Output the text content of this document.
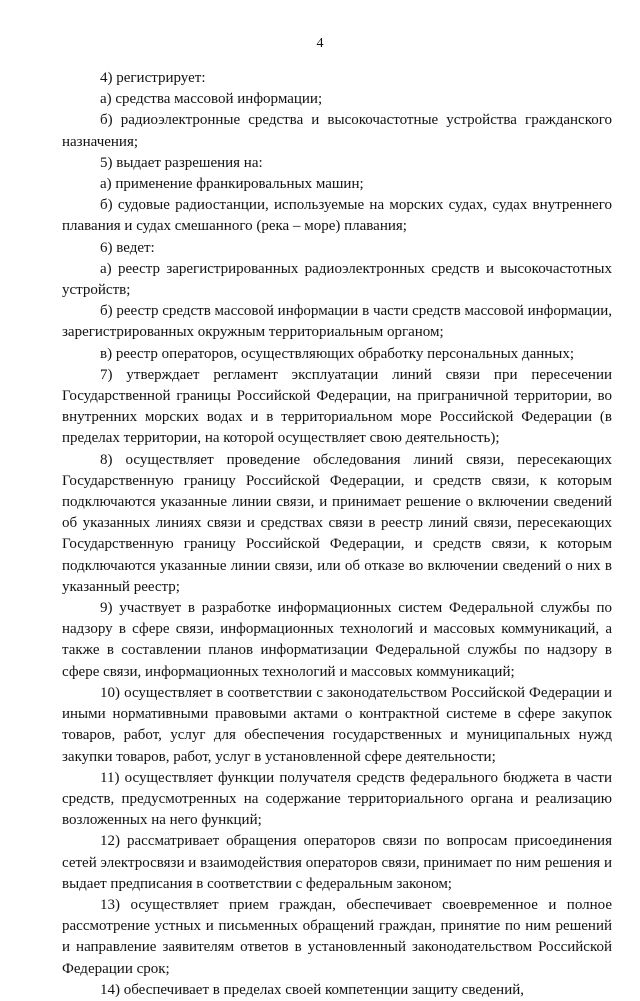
4

4) регистрирует:

а) средства массовой информации;

б) радиоэлектронные средства и высокочастотные устройства гражданского назначения;

5) выдает разрешения на:

а) применение франкировальных машин;

б) судовые радиостанции, используемые на морских судах, судах внутреннего плавания и судах смешанного (река – море) плавания;

6) ведет:

а) реестр зарегистрированных радиоэлектронных средств и высокочастотных устройств;

б) реестр средств массовой информации в части средств массовой информации, зарегистрированных окружным территориальным органом;

в) реестр операторов, осуществляющих обработку персональных данных;

7) утверждает регламент эксплуатации линий связи при пересечении Государственной границы Российской Федерации, на приграничной территории, во внутренних морских водах и в территориальном море Российской Федерации (в пределах территории, на которой осуществляет свою деятельность);

8) осуществляет проведение обследования линий связи, пересекающих Государственную границу Российской Федерации, и средств связи, к которым подключаются указанные линии связи, и принимает решение о включении сведений об указанных линиях связи и средствах связи в реестр линий связи, пересекающих Государственную границу Российской Федерации, и средств связи, к которым подключаются указанные линии связи, или об отказе во включении сведений о них в указанный реестр;

9) участвует в разработке информационных систем Федеральной службы по надзору в сфере связи, информационных технологий и массовых коммуникаций, а также в составлении планов информатизации Федеральной службы по надзору в сфере связи, информационных технологий и массовых коммуникаций;

10) осуществляет в соответствии с законодательством Российской Федерации и иными нормативными правовыми актами о контрактной системе в сфере закупок товаров, работ, услуг для обеспечения государственных и муниципальных нужд закупки товаров, работ, услуг в установленной сфере деятельности;

11) осуществляет функции получателя средств федерального бюджета в части средств, предусмотренных на содержание территориального органа и реализацию возложенных на него функций;

12) рассматривает обращения операторов связи по вопросам присоединения сетей электросвязи и взаимодействия операторов связи, принимает по ним решения и выдает предписания в соответствии с федеральным законом;

13) осуществляет прием граждан, обеспечивает своевременное и полное рассмотрение устных и письменных обращений граждан, принятие по ним решений и направление заявителям ответов в установленный законодательством Российской Федерации срок;

14) обеспечивает в пределах своей компетенции защиту сведений,
